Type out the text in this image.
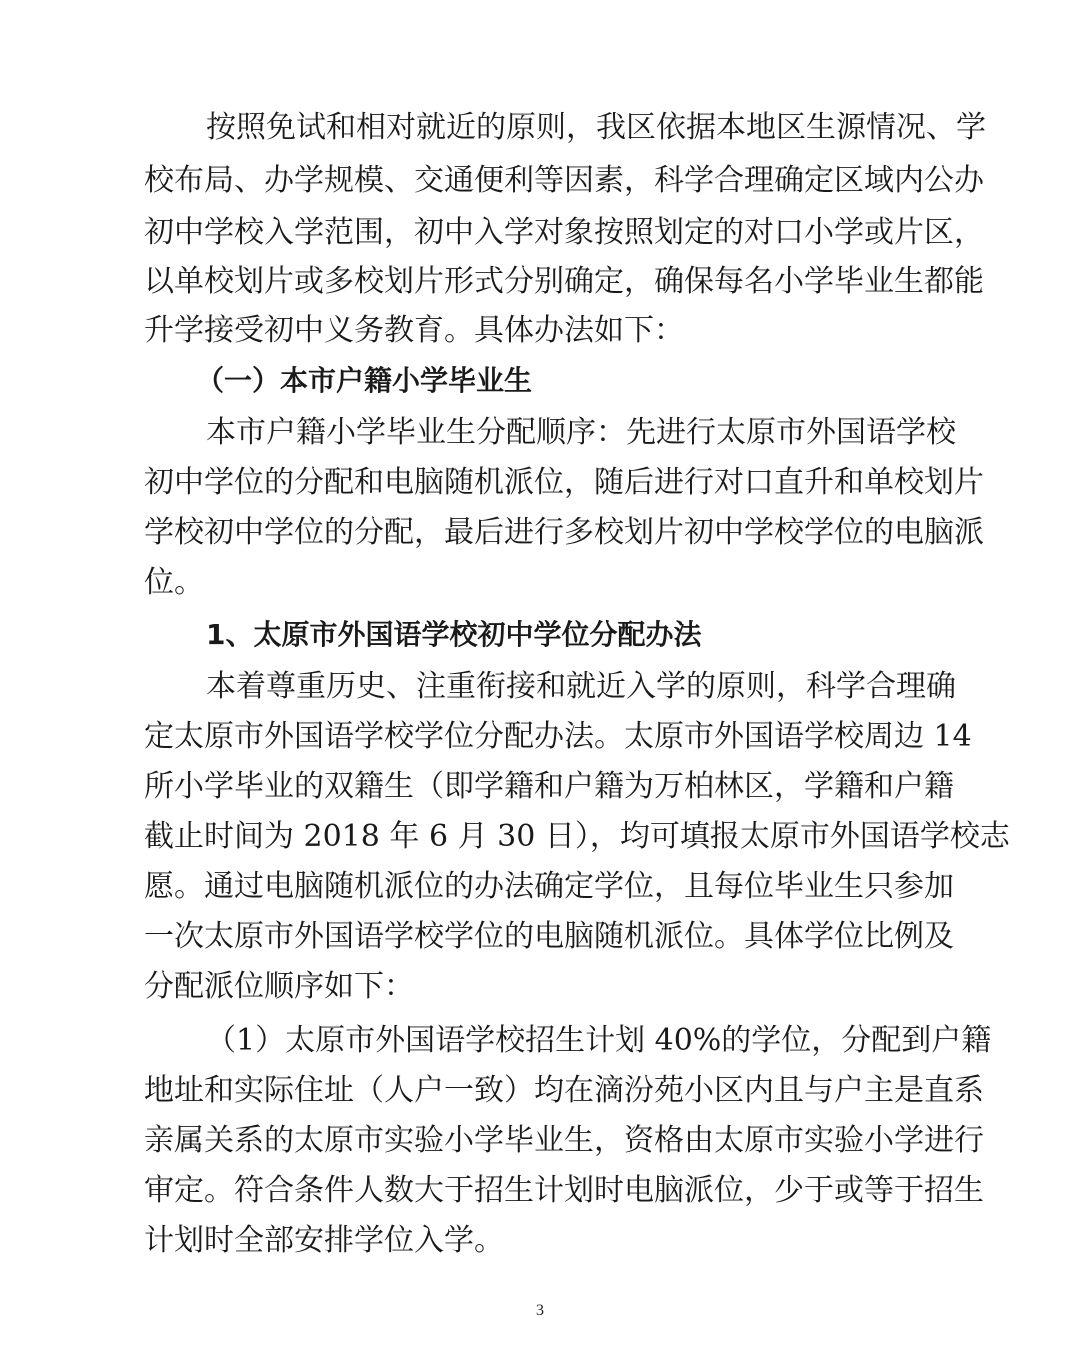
按照免试和相对就近的原则，我区依据本地区生源情况、学
校布局、办学规模、交通便利等因素，科学合理确定区域内公办
初中学校入学范围，初中入学对象按照划定的对口小学或片区，
以单校划片或多校划片形式分别确定，确保每名小学毕业生都能
升学接受初中义务教育。具体办法如下：
（一）本市户籍小学毕业生
本市户籍小学毕业生分配顺序：先进行太原市外国语学校
初中学位的分配和电脑随机派位，随后进行对口直升和单校划片
学校初中学位的分配，最后进行多校划片初中学校学位的电脑派
位。
1、太原市外国语学校初中学位分配办法
本着尊重历史、注重衔接和就近入学的原则，科学合理确
定太原市外国语学校学位分配办法。太原市外国语学校周边 14
所小学毕业的双籍生（即学籍和户籍为万柏林区，学籍和户籍
截止时间为 2018 年 6 月 30 日），均可填报太原市外国语学校志
愿。通过电脑随机派位的办法确定学位，且每位毕业生只参加
一次太原市外国语学校学位的电脑随机派位。具体学位比例及
分配派位顺序如下：
（1）太原市外国语学校招生计划 40%的学位，分配到户籍
地址和实际住址（人户一致）均在滴汾苑小区内且与户主是直系
亲属关系的太原市实验小学毕业生，资格由太原市实验小学进行
审定。符合条件人数大于招生计划时电脑派位，少于或等于招生
计划时全部安排学位入学。
3
